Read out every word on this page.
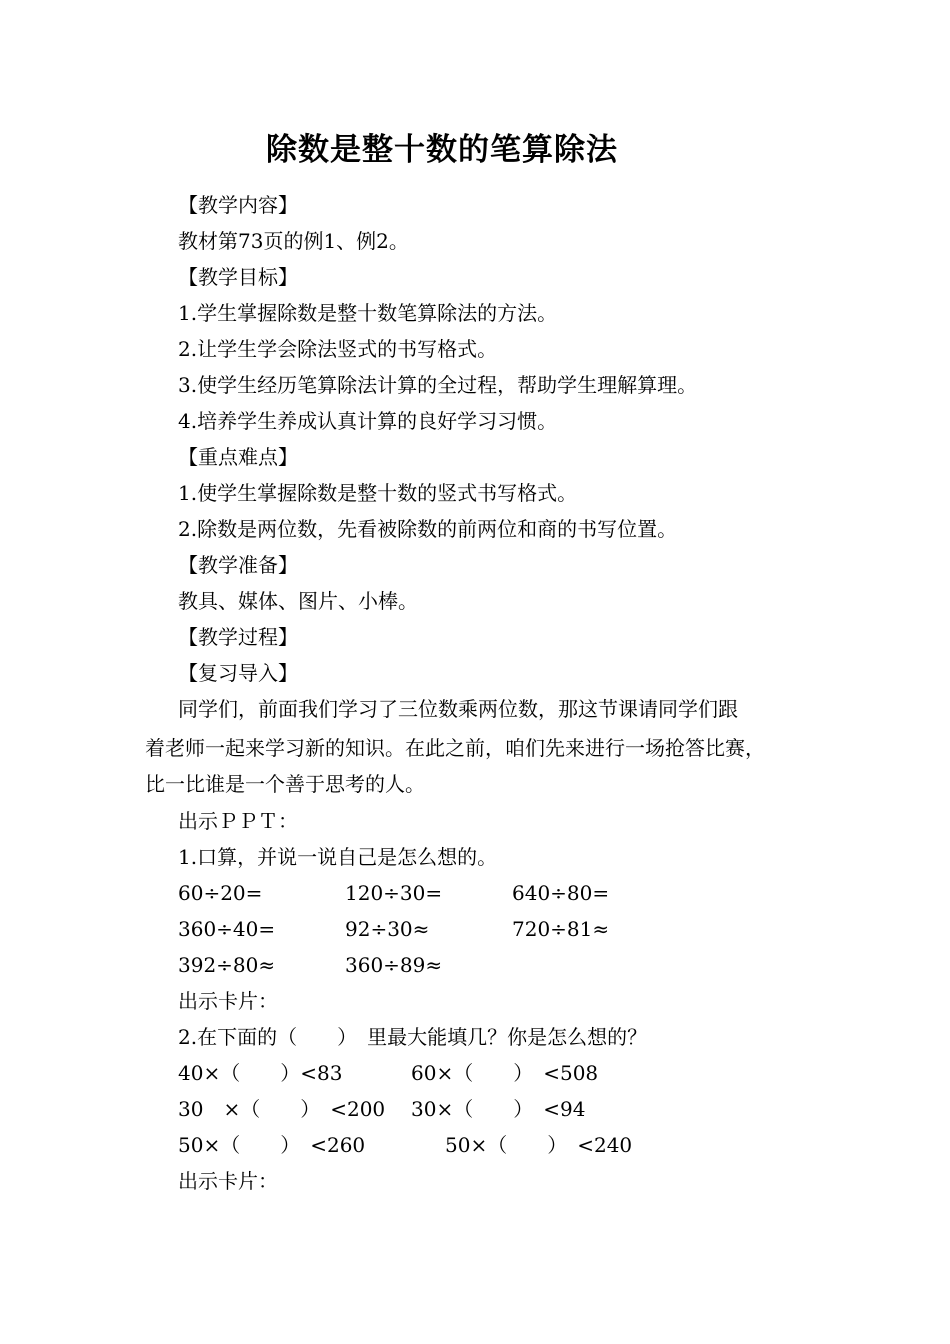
除数是整十数的笔算除法
【教学内容】
教材第73页的例1、例2。
【教学目标】
1.学生掌握除数是整十数笔算除法的方法。
2.让学生学会除法竖式的书写格式。
3.使学生经历笔算除法计算的全过程，帮助学生理解算理。
4.培养学生养成认真计算的良好学习习惯。
【重点难点】
1.使学生掌握除数是整十数的竖式书写格式。
2.除数是两位数，先看被除数的前两位和商的书写位置。
【教学准备】
教具、媒体、图片、小棒。
【教学过程】
【复习导入】
同学们，前面我们学习了三位数乘两位数，那这节课请同学们跟
着老师一起来学习新的知识。在此之前，咱们先来进行一场抢答比赛，
比一比谁是一个善于思考的人。
出示ＰＰＴ：
1.口算，并说一说自己是怎么想的。
60÷20=	120÷30=	640÷80=
360÷40=	92÷30≈	720÷81≈
392÷80≈	360÷89≈
出示卡片：
2.在下面的（　　）　里最大能填几？你是怎么想的？
40×（　　）<83	60×（　　）　<508
30　×（　　）　<200 30×（　　）　<94
50×（　　）　<260	50×（　　）　<240
出示卡片：
